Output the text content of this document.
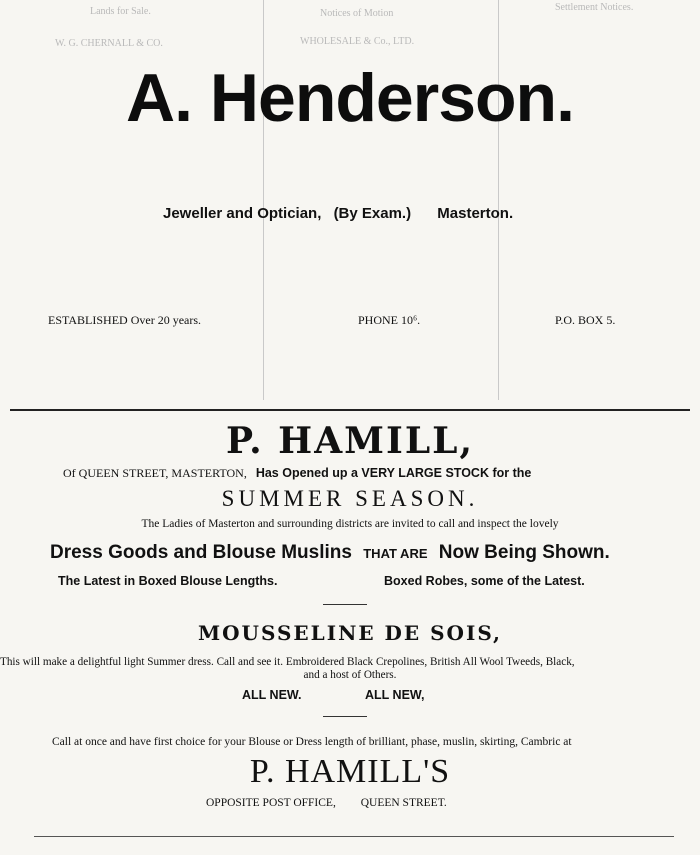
Lands for Sale.	Notices of Motion
Settlement Notices.
W. G. CHERNALL & CO.	WHOLESALE & Co., LTD.
A. Henderson.
Jeweller and Optician, (By Exam.) Masterton.
ESTABLISHED Over 20 years.	PHONE 10⁶.	P.O. BOX 5.
P. HAMILL,
Of QUEEN STREET, MASTERTON, Has Opened up a VERY LARGE STOCK for the
SUMMER SEASON.
The Ladies of Masterton and surrounding districts are invited to call and inspect the lovely
Dress Goods and Blouse Muslins THAT ARE Now Being Shown.
The Latest in Boxed Blouse Lengths.	Boxed Robes, some of the Latest.
MOUSSELINE DE SOIS,
This will make a delightful light Summer dress. Call and see it. Embroidered Black Crepolines, British All Wool Tweeds, Black,
and a host of Others.
ALL NEW.	ALL NEW,
Call at once and have first choice for your Blouse or Dress length of brilliant, phase, muslin, skirting, Cambric at
P. HAMILL'S
OPPOSITE POST OFFICE, QUEEN STREET.
